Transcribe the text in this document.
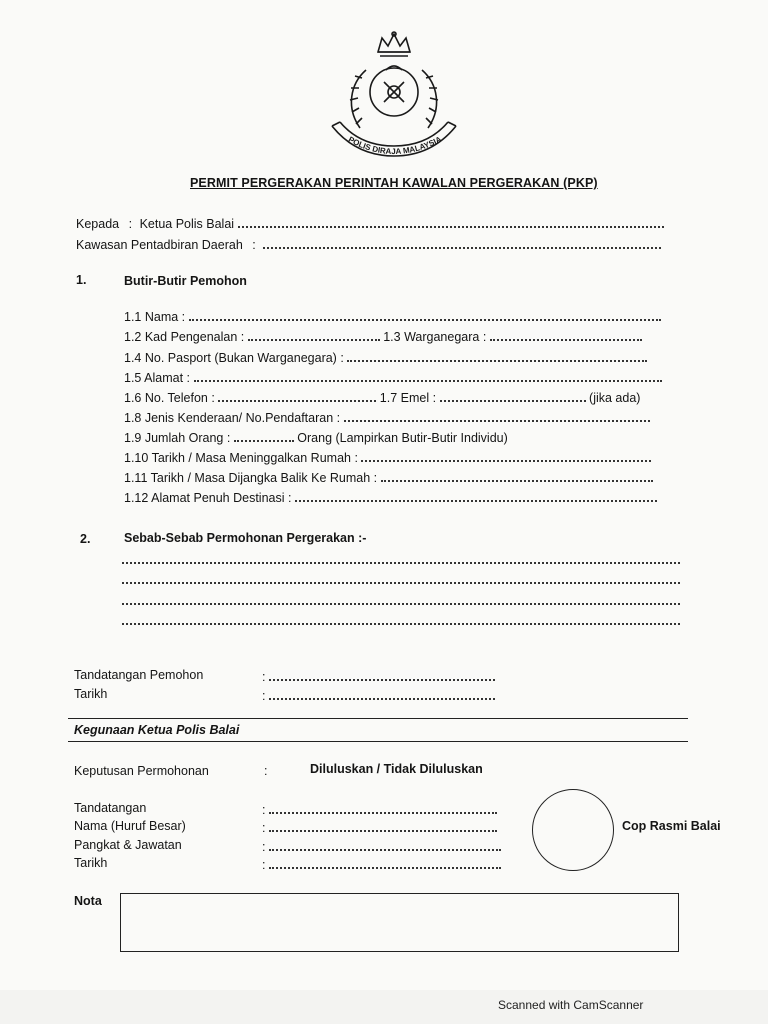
POLIS DIRAJA MALAYSIA
PERMIT PERGERAKAN PERINTAH KAWALAN PERGERAKAN (PKP)
Kepada : Ketua Polis Balai
Kawasan Pentadbiran Daerah :
1.	Butir-Butir Pemohon
1.1 Nama :
1.2 Kad Pengenalan :	1.3 Warganegara :
1.4 No. Pasport (Bukan Warganegara) :
1.5 Alamat :
1.6 No. Telefon :	1.7 Emel :	(jika ada)
1.8 Jenis Kenderaan/ No.Pendaftaran :
1.9 Jumlah Orang :	Orang (Lampirkan Butir-Butir Individu)
1.10 Tarikh / Masa Meninggalkan Rumah :
1.11 Tarikh / Masa Dijangka Balik Ke Rumah :
1.12 Alamat Penuh Destinasi :
2.	Sebab-Sebab Permohonan Pergerakan :-
Tandatangan Pemohon	:
Tarikh	:
Kegunaan Ketua Polis Balai
Keputusan Permohonan	:	Diluluskan / Tidak Diluluskan
Tandatangan	:
Nama (Huruf Besar)	:
Pangkat & Jawatan	:
Tarikh	:
Cop Rasmi Balai
Nota
Scanned with CamScanner
